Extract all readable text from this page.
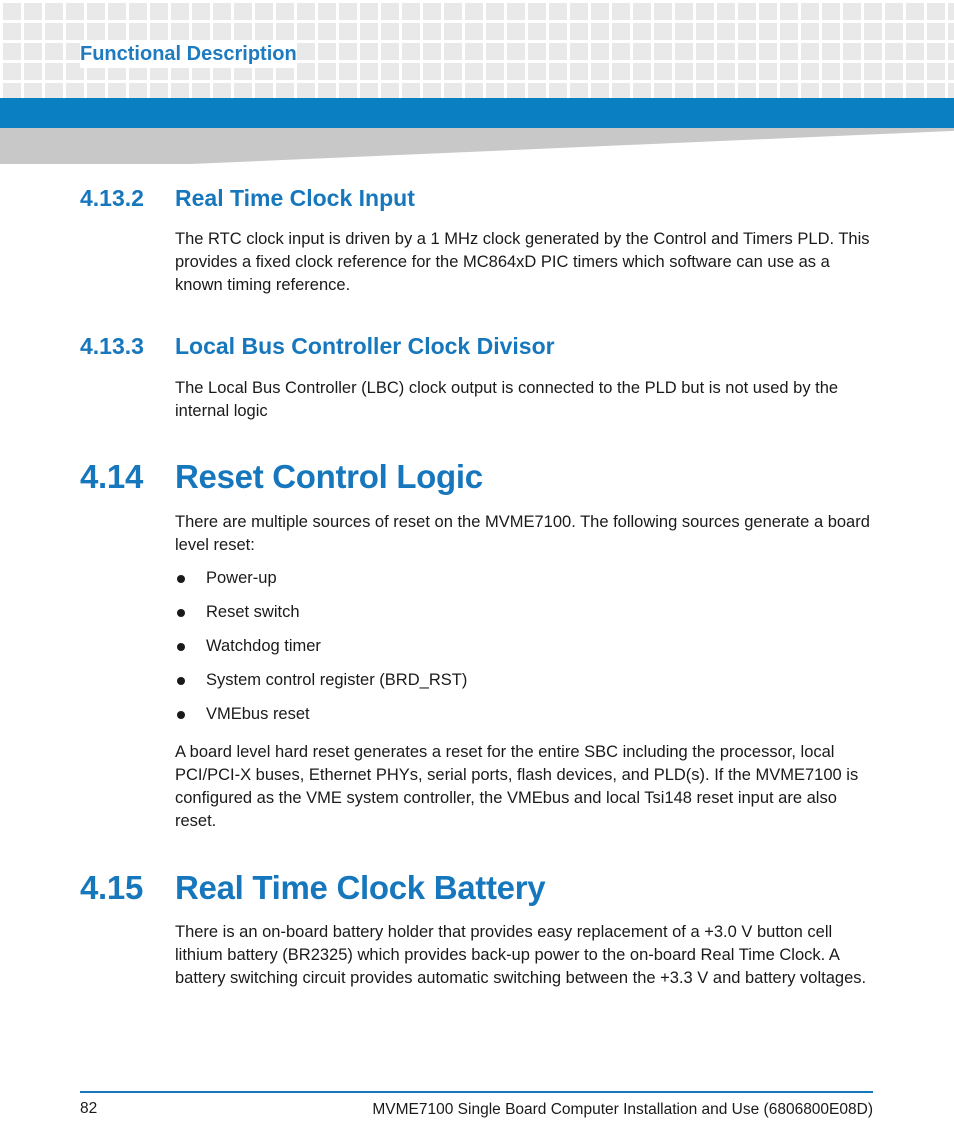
Functional Description
4.13.2 Real Time Clock Input

The RTC clock input is driven by a 1 MHz clock generated by the Control and Timers PLD. This provides a fixed clock reference for the MC864xD PIC timers which software can use as a known timing reference.

4.13.3 Local Bus Controller Clock Divisor

The Local Bus Controller (LBC) clock output is connected to the PLD but is not used by the internal logic

4.14 Reset Control Logic

There are multiple sources of reset on the MVME7100. The following sources generate a board level reset:

Power-up
Reset switch
Watchdog timer
System control register (BRD_RST)
VMEbus reset

A board level hard reset generates a reset for the entire SBC including the processor, local PCI/PCI-X buses, Ethernet PHYs, serial ports, flash devices, and PLD(s). If the MVME7100 is configured as the VME system controller, the VMEbus and local Tsi148 reset input are also reset.

4.15 Real Time Clock Battery

There is an on-board battery holder that provides easy replacement of a +3.0 V button cell lithium battery (BR2325) which provides back-up power to the on-board Real Time Clock. A battery switching circuit provides automatic switching between the +3.3 V and battery voltages.

82	MVME7100 Single Board Computer Installation and Use (6806800E08D)
